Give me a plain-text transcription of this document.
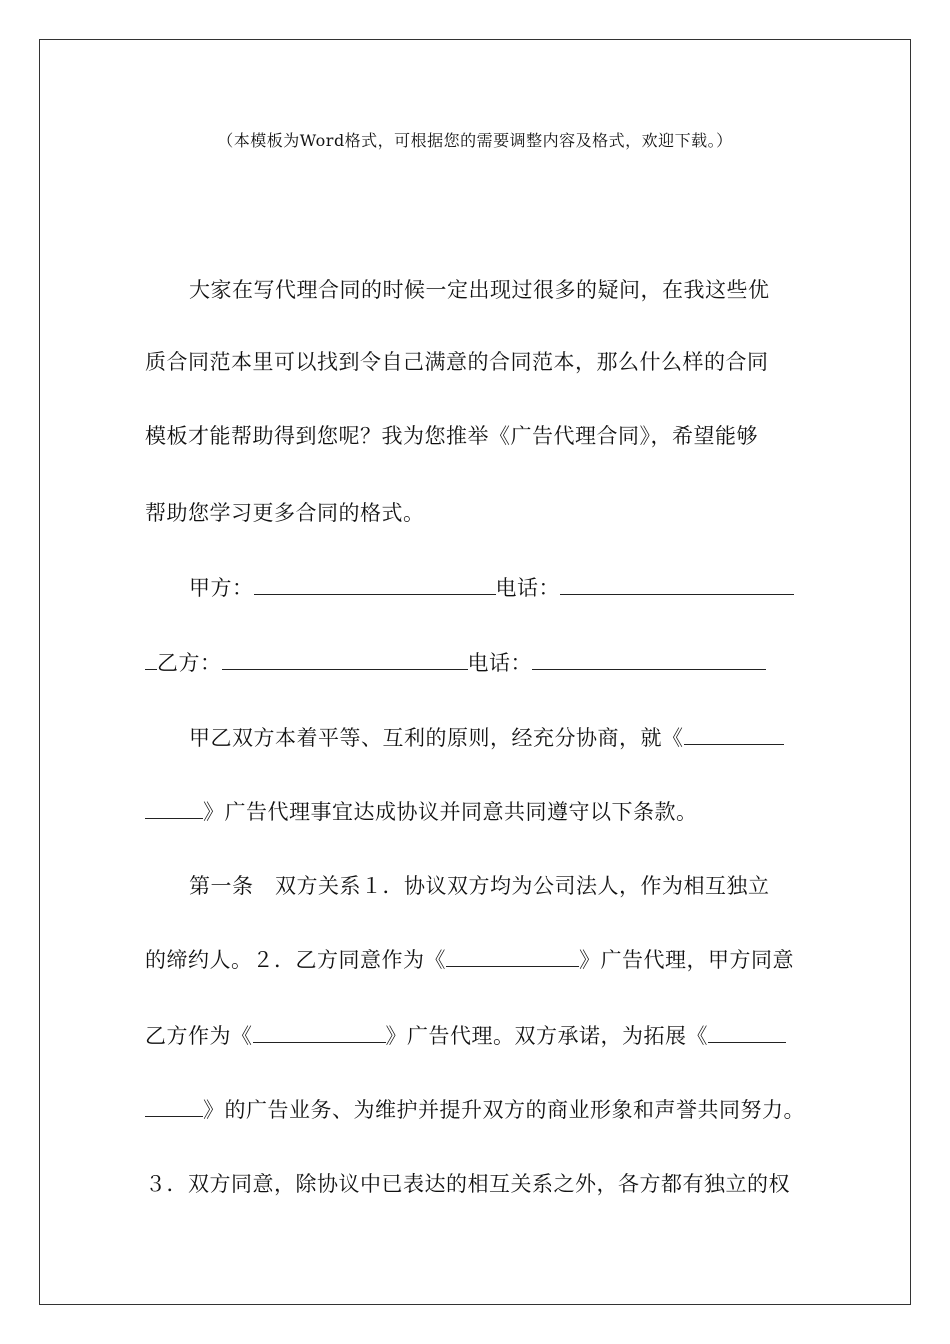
（本模板为Word格式，可根据您的需要调整内容及格式，欢迎下载。）
大家在写代理合同的时候一定出现过很多的疑问，在我这些优
质合同范本里可以找到令自己满意的合同范本，那么什么样的合同
模板才能帮助得到您呢？我为您推举《广告代理合同》，希望能够
帮助您学习更多合同的格式。
甲方：	电话：
乙方：	电话：
甲乙双方本着平等、互利的原则，经充分协商，就《
》广告代理事宜达成协议并同意共同遵守以下条款。
第一条　双方关系１．协议双方均为公司法人，作为相互独立
的缔约人。２．乙方同意作为《	》广告代理，甲方同意
乙方作为《	》广告代理。双方承诺，为拓展《
》的广告业务、为维护并提升双方的商业形象和声誉共同努力。
３．双方同意，除协议中已表达的相互关系之外，各方都有独立的权
